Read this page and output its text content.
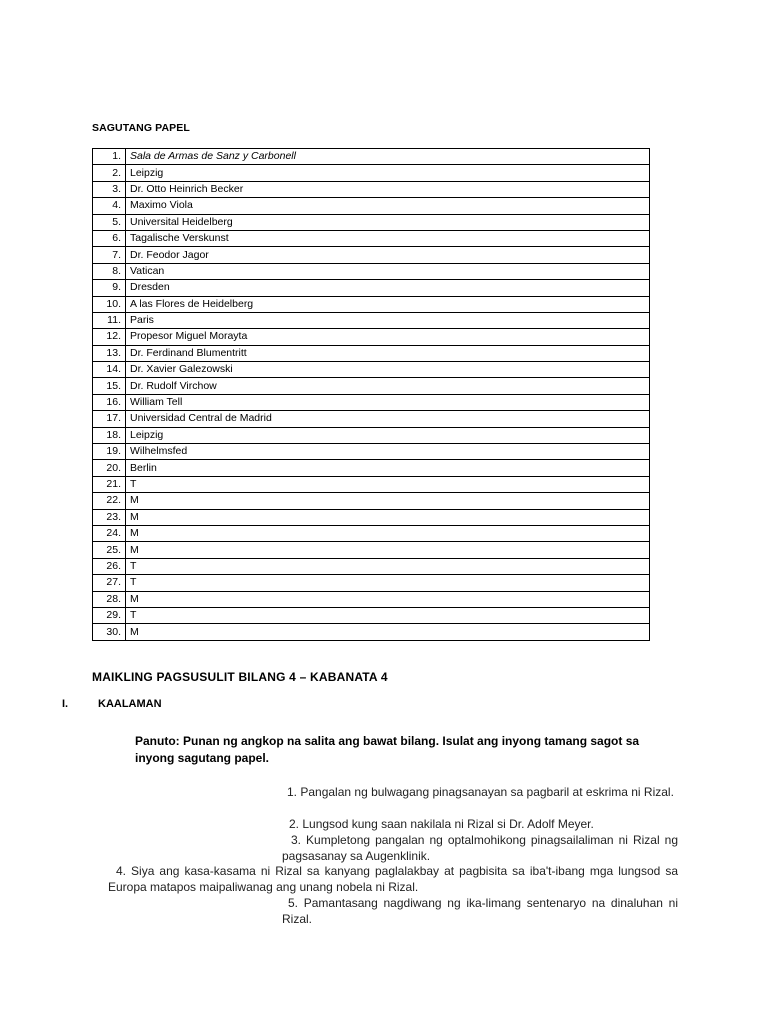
SAGUTANG PAPEL
1.	Sala de Armas de Sanz y Carbonell
2.	Leipzig
3.	Dr. Otto Heinrich Becker
4.	Maximo Viola
5.	Universital Heidelberg
6.	Tagalische Verskunst
7.	Dr. Feodor Jagor
8.	Vatican
9.	Dresden
10.	A las Flores de Heidelberg
11.	Paris
12.	Propesor Miguel Morayta
13.	Dr. Ferdinand Blumentritt
14.	Dr. Xavier Galezowski
15.	Dr. Rudolf Virchow
16.	William Tell
17.	Universidad Central de Madrid
18.	Leipzig
19.	Wilhelmsfed
20.	Berlin
21.	T
22.	M
23.	M
24.	M
25.	M
26.	T
27.	T
28.	M
29.	T
30.	M
MAIKLING PAGSUSULIT BILANG 4 – KABANATA 4
I.	KAALAMAN
Panuto: Punan ng angkop na salita ang bawat bilang. Isulat ang inyong tamang sagot sa inyong sagutang papel.
1. Pangalan ng bulwagang pinagsanayan sa pagbaril at eskrima ni Rizal.
2. Lungsod kung saan nakilala ni Rizal si Dr. Adolf Meyer.
3. Kumpletong pangalan ng optalmohikong pinagsailaliman ni Rizal ng pagsasanay sa Augenklinik.
4. Siya ang kasa-kasama ni Rizal sa kanyang paglalakbay at pagbisita sa iba't-ibang mga lungsod sa Europa matapos maipaliwanag ang unang nobela ni Rizal.
5. Pamantasang nagdiwang ng ika-limang sentenaryo na dinaluhan ni Rizal.
